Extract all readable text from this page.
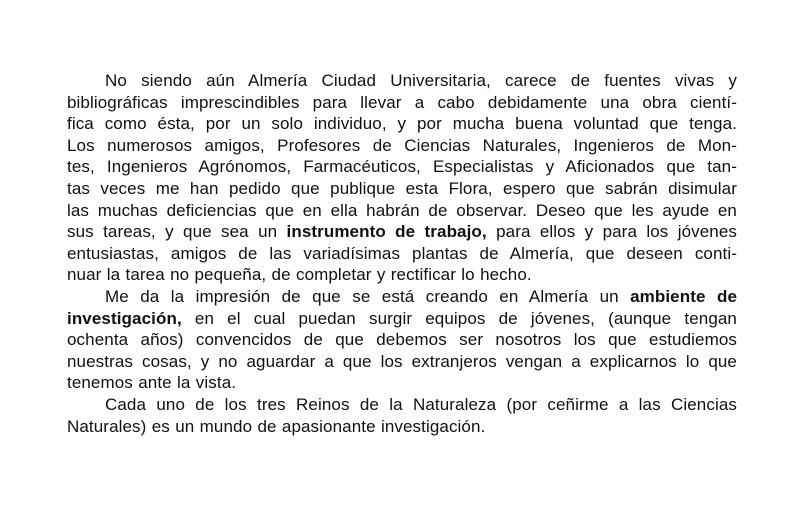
No siendo aún Almería Ciudad Universitaria, carece de fuentes vivas y
bibliográficas imprescindibles para llevar a cabo debidamente una obra cientí-
fica como ésta, por un solo individuo, y por mucha buena voluntad que tenga.
Los numerosos amigos, Profesores de Ciencias Naturales, Ingenieros de Mon-
tes, Ingenieros Agrónomos, Farmacéuticos, Especialistas y Aficionados que tan-
tas veces me han pedido que publique esta Flora, espero que sabrán disimular
las muchas deficiencias que en ella habrán de observar. Deseo que les ayude en
sus tareas, y que sea un instrumento de trabajo, para ellos y para los jóvenes
entusiastas, amigos de las variadísimas plantas de Almería, que deseen conti-
nuar la tarea no pequeña, de completar y rectificar lo hecho.
Me da la impresión de que se está creando en Almería un ambiente de
investigación, en el cual puedan surgir equipos de jóvenes, (aunque tengan
ochenta años) convencidos de que debemos ser nosotros los que estudiemos
nuestras cosas, y no aguardar a que los extranjeros vengan a explicarnos lo que
tenemos ante la vista.
Cada uno de los tres Reinos de la Naturaleza (por ceñirme a las Ciencias
Naturales) es un mundo de apasionante investigación.
